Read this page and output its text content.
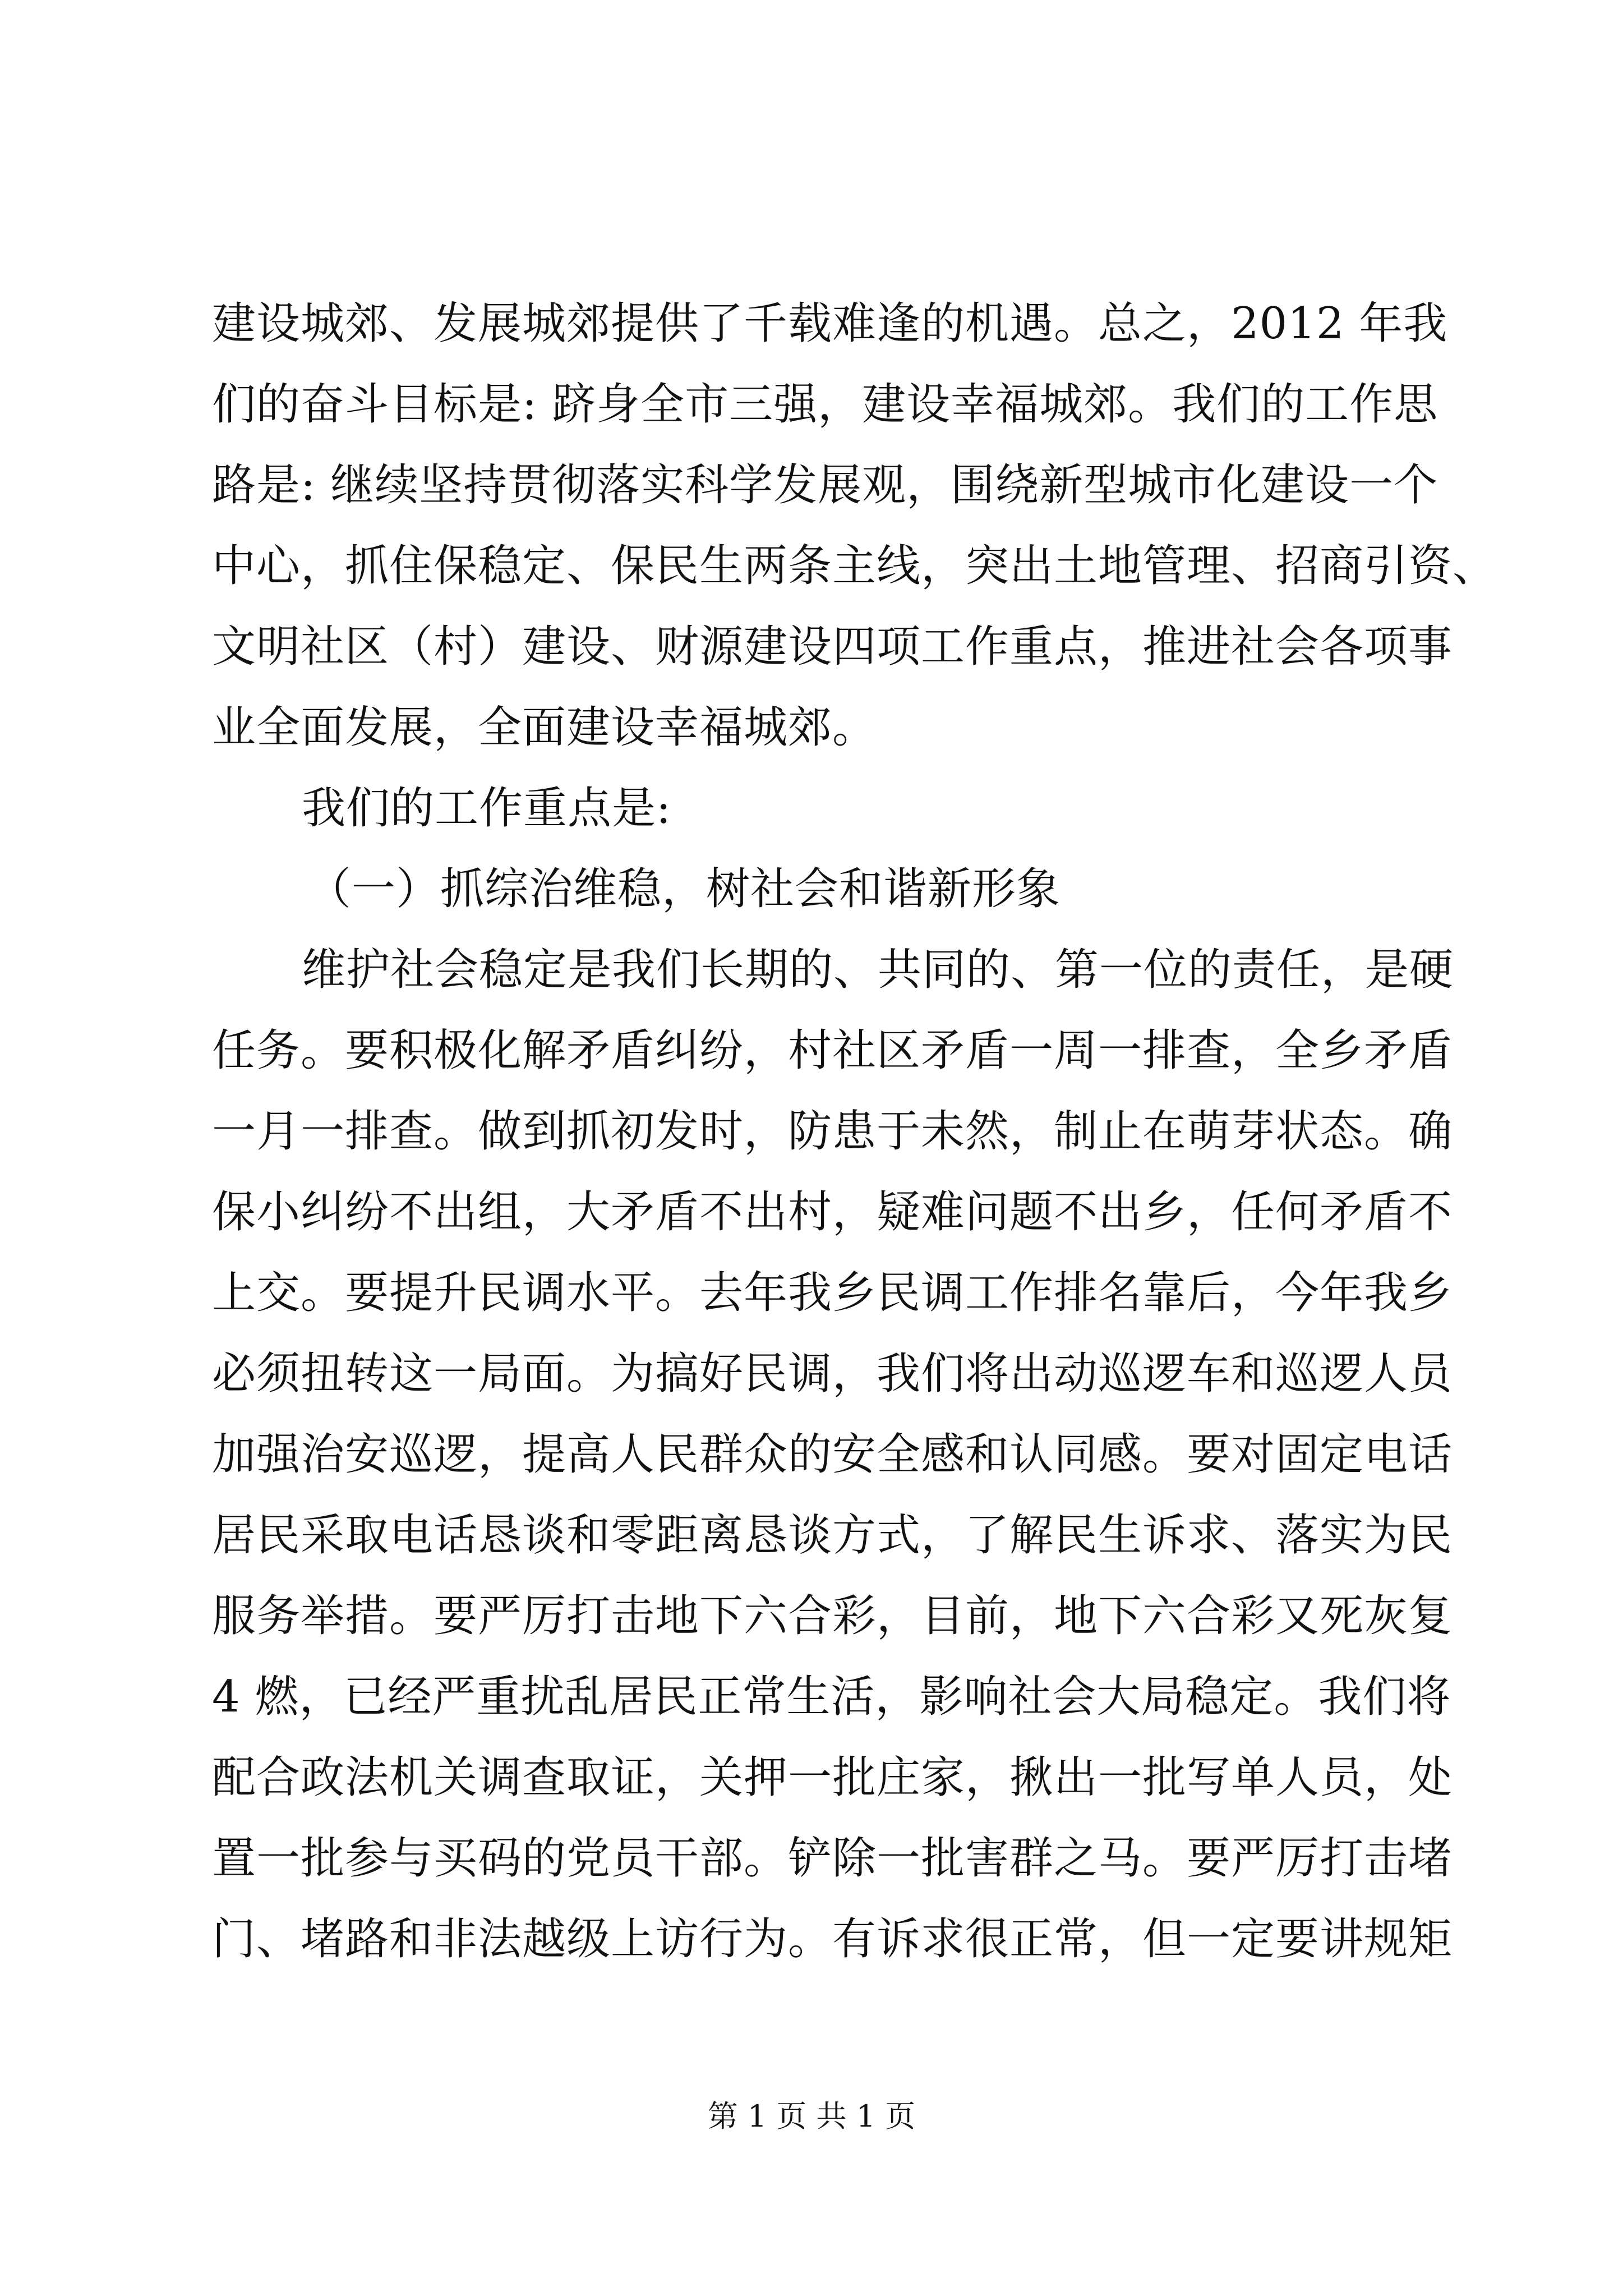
建设城郊、发展城郊提供了千载难逢的机遇。总之，2012 年我
们的奋斗目标是: 跻身全市三强，建设幸福城郊。我们的工作思
路是: 继续坚持贯彻落实科学发展观，围绕新型城市化建设一个
中心，抓住保稳定、保民生两条主线，突出土地管理、招商引资、
文明社区（村）建设、财源建设四项工作重点，推进社会各项事
业全面发展，全面建设幸福城郊。
我们的工作重点是:
（一）抓综治维稳，树社会和谐新形象
维护社会稳定是我们长期的、共同的、第一位的责任，是硬
任务。要积极化解矛盾纠纷，村社区矛盾一周一排查，全乡矛盾
一月一排查。做到抓初发时，防患于未然，制止在萌芽状态。确
保小纠纷不出组，大矛盾不出村，疑难问题不出乡，任何矛盾不
上交。要提升民调水平。去年我乡民调工作排名靠后，今年我乡
必须扭转这一局面。为搞好民调，我们将出动巡逻车和巡逻人员
加强治安巡逻，提高人民群众的安全感和认同感。要对固定电话
居民采取电话恳谈和零距离恳谈方式，了解民生诉求、落实为民
服务举措。要严厉打击地下六合彩，目前，地下六合彩又死灰复
4 燃，已经严重扰乱居民正常生活，影响社会大局稳定。我们将
配合政法机关调查取证，关押一批庄家，揪出一批写单人员，处
置一批参与买码的党员干部。铲除一批害群之马。要严厉打击堵
门、堵路和非法越级上访行为。有诉求很正常，但一定要讲规矩
第 1 页 共 1 页
